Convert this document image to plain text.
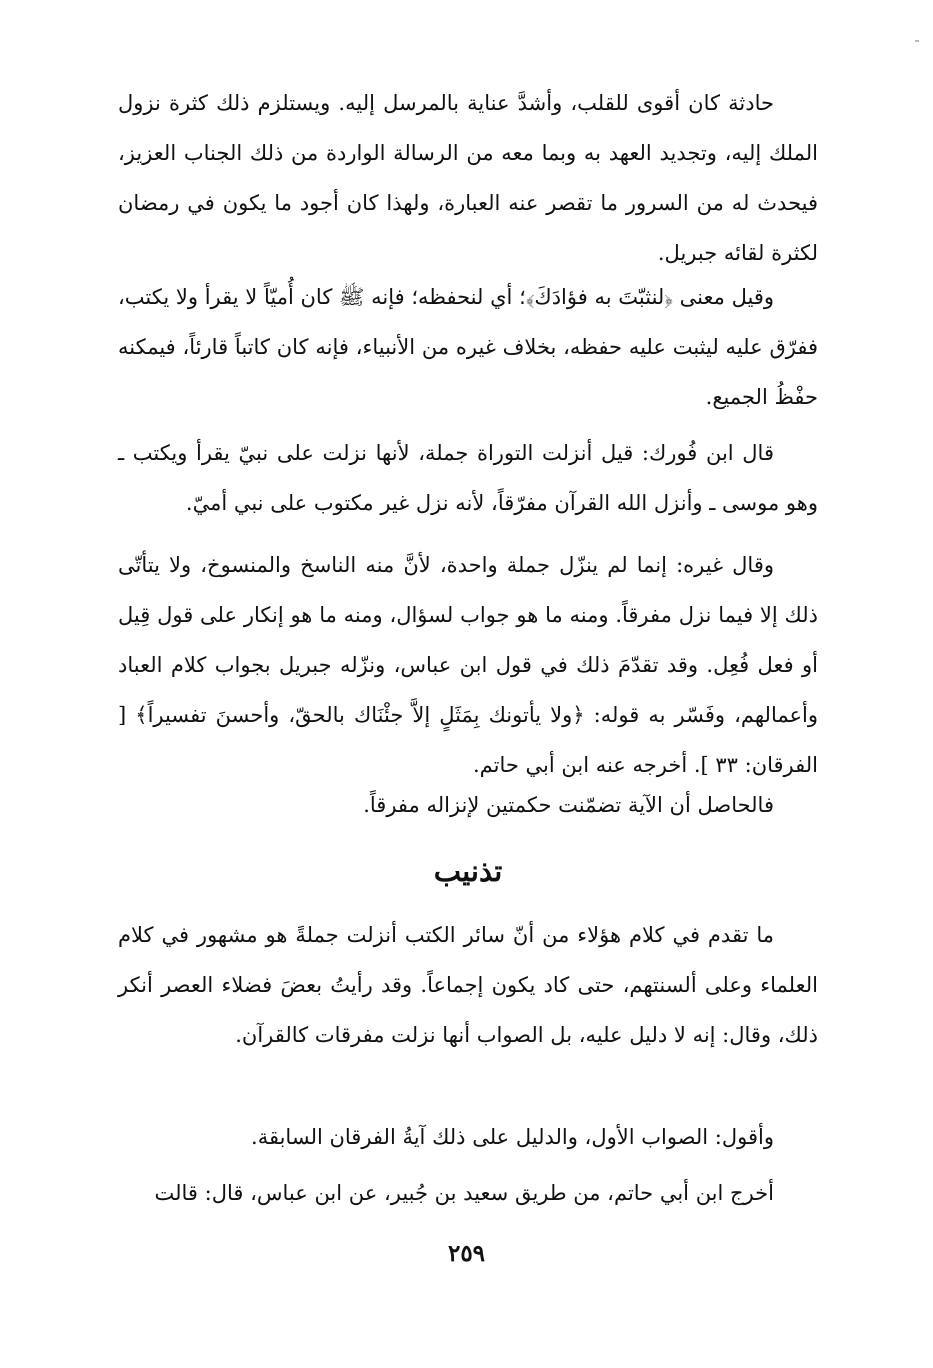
حادثة كان أقوى للقلب، وأشدَّ عناية بالمرسل إليه. ويستلزم ذلك كثرة نزول الملك إليه، وتجديد العهد به وبما معه من الرسالة الواردة من ذلك الجناب العزيز، فيحدث له من السرور ما تقصر عنه العبارة، ولهذا كان أجود ما يكون في رمضان لكثرة لقائه جبريل.

وقيل معنى ﴿لنثبّتَ به فؤادَكَ﴾؛ أي لنحفظه؛ فإنه ﷺ كان أُميّاً لا يقرأ ولا يكتب، ففرّق عليه ليثبت عليه حفظه، بخلاف غيره من الأنبياء، فإنه كان كاتباً قارئاً، فيمكنه حفْظُ الجميع.

قال ابن فُورك: قيل أنزلت التوراة جملة، لأنها نزلت على نبيّ يقرأ ويكتب ـ وهو موسى ـ وأنزل الله القرآن مفرّقاً، لأنه نزل غير مكتوب على نبي أميّ.

وقال غيره: إنما لم ينزّل جملة واحدة، لأنَّ منه الناسخ والمنسوخ، ولا يتأتّى ذلك إلا فيما نزل مفرقاً. ومنه ما هو جواب لسؤال، ومنه ما هو إنكار على قول قِيل أو فعل فُعِل. وقد تقدّمَ ذلك في قول ابن عباس، ونزّله جبريل بجواب كلام العباد وأعمالهم، وفَسّر به قوله: ﴿ولا يأتونك بِمَثَلٍ إلاَّ جئْنَاك بالحقّ، وأحسنَ تفسيراً﴾ [ الفرقان: ٣٣ ]. أخرجه عنه ابن أبي حاتم.

فالحاصل أن الآية تضمّنت حكمتين لإنزاله مفرقاً.

تذنيب

ما تقدم في كلام هؤلاء من أنّ سائر الكتب أنزلت جملةً هو مشهور في كلام العلماء وعلى ألسنتهم، حتى كاد يكون إجماعاً. وقد رأيتُ بعضَ فضلاء العصر أنكر ذلك، وقال: إنه لا دليل عليه، بل الصواب أنها نزلت مفرقات كالقرآن.

وأقول: الصواب الأول، والدليل على ذلك آيةُ الفرقان السابقة.

أخرج ابن أبي حاتم، من طريق سعيد بن جُبير، عن ابن عباس، قال: قالت

٢٥٩
